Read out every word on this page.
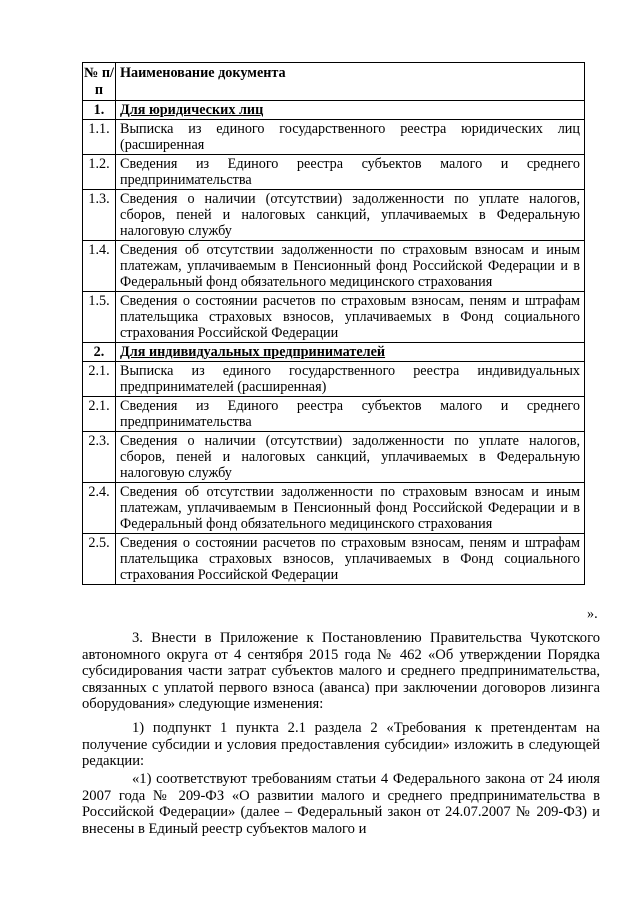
№ п/п	Наименование документа
1.	Для юридических лиц
1.1.	Выписка из единого государственного реестра юридических лиц (расширенная
1.2.	Сведения из Единого реестра субъектов малого и среднего предпринимательства
1.3.	Сведения о наличии (отсутствии) задолженности по уплате налогов, сборов, пеней и налоговых санкций, уплачиваемых в Федеральную налоговую службу
1.4.	Сведения об отсутствии задолженности по страховым взносам и иным платежам, уплачиваемым в Пенсионный фонд Российской Федерации и в Федеральный фонд обязательного медицинского страхования
1.5.	Сведения о состоянии расчетов по страховым взносам, пеням и штрафам плательщика страховых взносов, уплачиваемых в Фонд социального страхования Российской Федерации
2.	Для индивидуальных предпринимателей
2.1.	Выписка из единого государственного реестра индивидуальных предпринимателей (расширенная)
2.1.	Сведения из Единого реестра субъектов малого и среднего предпринимательства
2.3.	Сведения о наличии (отсутствии) задолженности по уплате налогов, сборов, пеней и налоговых санкций, уплачиваемых в Федеральную налоговую службу
2.4.	Сведения об отсутствии задолженности по страховым взносам и иным платежам, уплачиваемым в Пенсионный фонд Российской Федерации и в Федеральный фонд обязательного медицинского страхования
2.5.	Сведения о состоянии расчетов по страховым взносам, пеням и штрафам плательщика страховых взносов, уплачиваемых в Фонд социального страхования Российской Федерации
».

3. Внести в Приложение к Постановлению Правительства Чукотского автономного округа от 4 сентября 2015 года № 462 «Об утверждении Порядка субсидирования части затрат субъектов малого и среднего предпринимательства, связанных с уплатой первого взноса (аванса) при заключении договоров лизинга оборудования» следующие изменения:

1) подпункт 1 пункта 2.1 раздела 2 «Требования к претендентам на получение субсидии и условия предоставления субсидии» изложить в следующей редакции:

«1) соответствуют требованиям статьи 4 Федерального закона от 24 июля 2007 года № 209-ФЗ «О развитии малого и среднего предпринимательства в Российской Федерации» (далее – Федеральный закон от 24.07.2007 № 209-ФЗ) и внесены в Единый реестр субъектов малого и
